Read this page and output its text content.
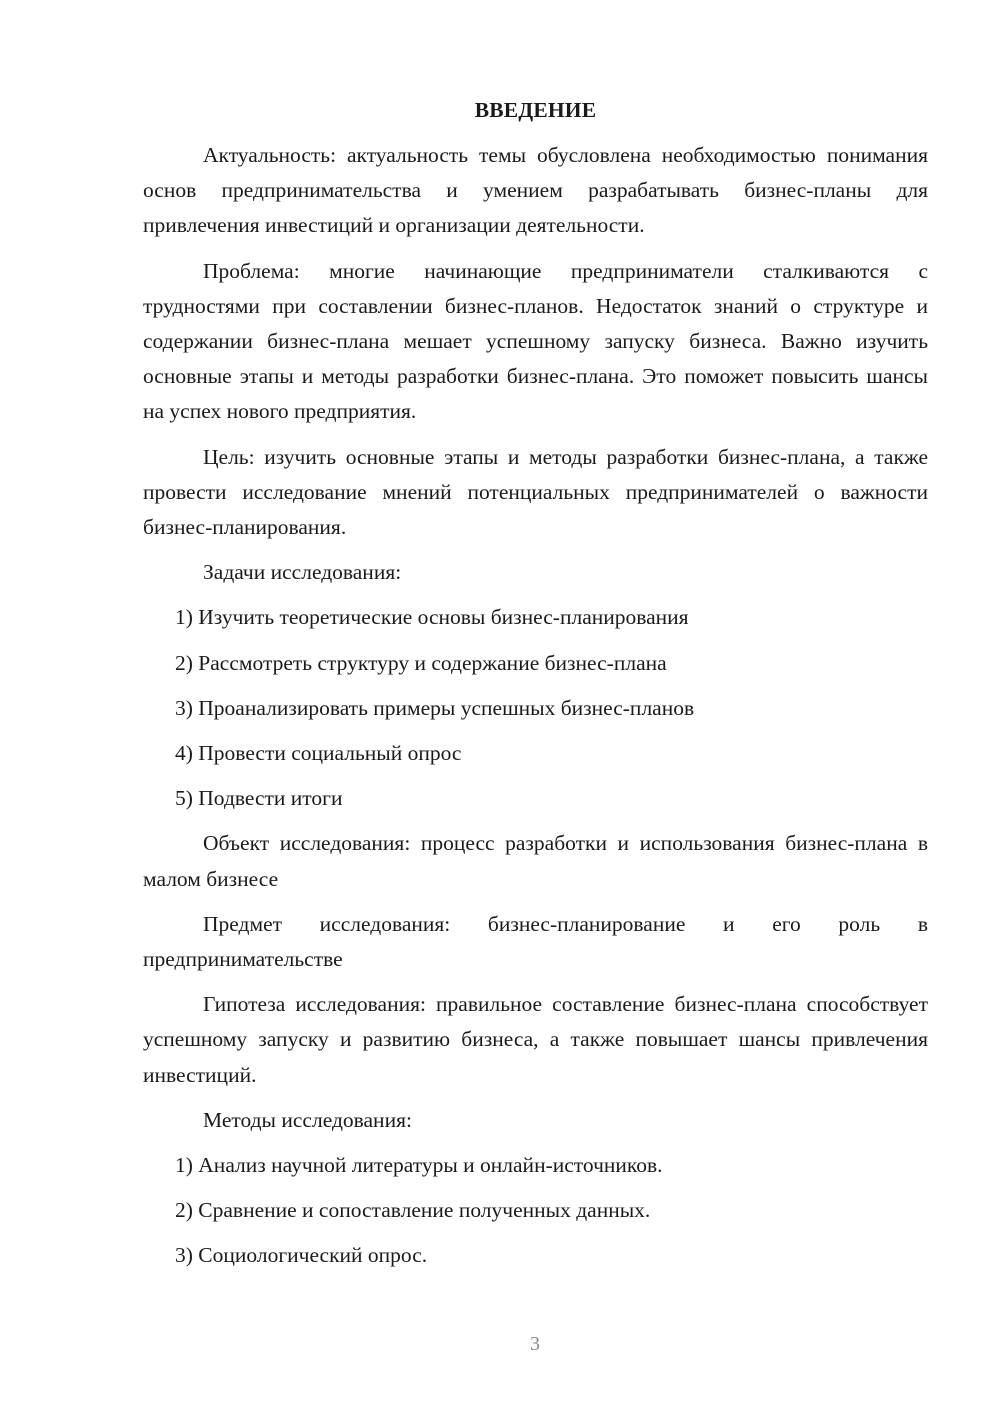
ВВЕДЕНИЕ

Актуальность: актуальность темы обусловлена необходимостью понимания основ предпринимательства и умением разрабатывать бизнес-планы для привлечения инвестиций и организации деятельности.

Проблема: многие начинающие предприниматели сталкиваются с трудностями при составлении бизнес-планов. Недостаток знаний о структуре и содержании бизнес-плана мешает успешному запуску бизнеса. Важно изучить основные этапы и методы разработки бизнес-плана. Это поможет повысить шансы на успех нового предприятия.

Цель: изучить основные этапы и методы разработки бизнес-плана, а также провести исследование мнений потенциальных предпринимателей о важности бизнес-планирования.

Задачи исследования:

1) Изучить теоретические основы бизнес-планирования

2) Рассмотреть структуру и содержание бизнес-плана

3) Проанализировать примеры успешных бизнес-планов

4) Провести социальный опрос

5) Подвести итоги

Объект исследования: процесс разработки и использования бизнес-плана в малом бизнесе

Предмет исследования: бизнес-планирование и его роль в предпринимательстве

Гипотеза исследования: правильное составление бизнес-плана способствует успешному запуску и развитию бизнеса, а также повышает шансы привлечения инвестиций.

Методы исследования:

1) Анализ научной литературы и онлайн-источников.

2) Сравнение и сопоставление полученных данных.

3) Социологический опрос.

3
